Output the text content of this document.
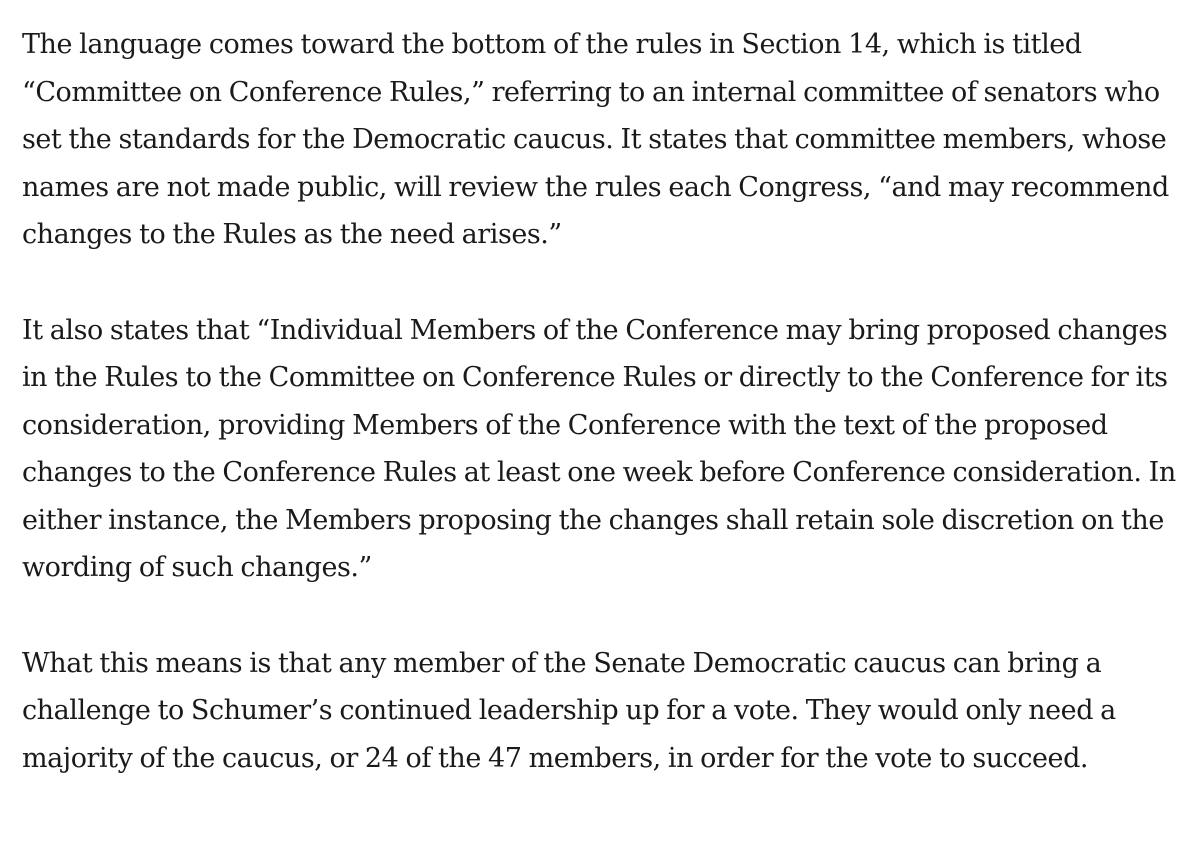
The language comes toward the bottom of the rules in Section 14, which is titled “Committee on Conference Rules,” referring to an internal committee of senators who set the standards for the Democratic caucus. It states that committee members, whose names are not made public, will review the rules each Congress, “and may recommend changes to the Rules as the need arises.”

It also states that “Individual Members of the Conference may bring proposed changes in the Rules to the Committee on Conference Rules or directly to the Conference for its consideration, providing Members of the Conference with the text of the proposed changes to the Conference Rules at least one week before Conference consideration. In either instance, the Members proposing the changes shall retain sole discretion on the wording of such changes.”

What this means is that any member of the Senate Democratic caucus can bring a challenge to Schumer’s continued leadership up for a vote. They would only need a majority of the caucus, or 24 of the 47 members, in order for the vote to succeed.
